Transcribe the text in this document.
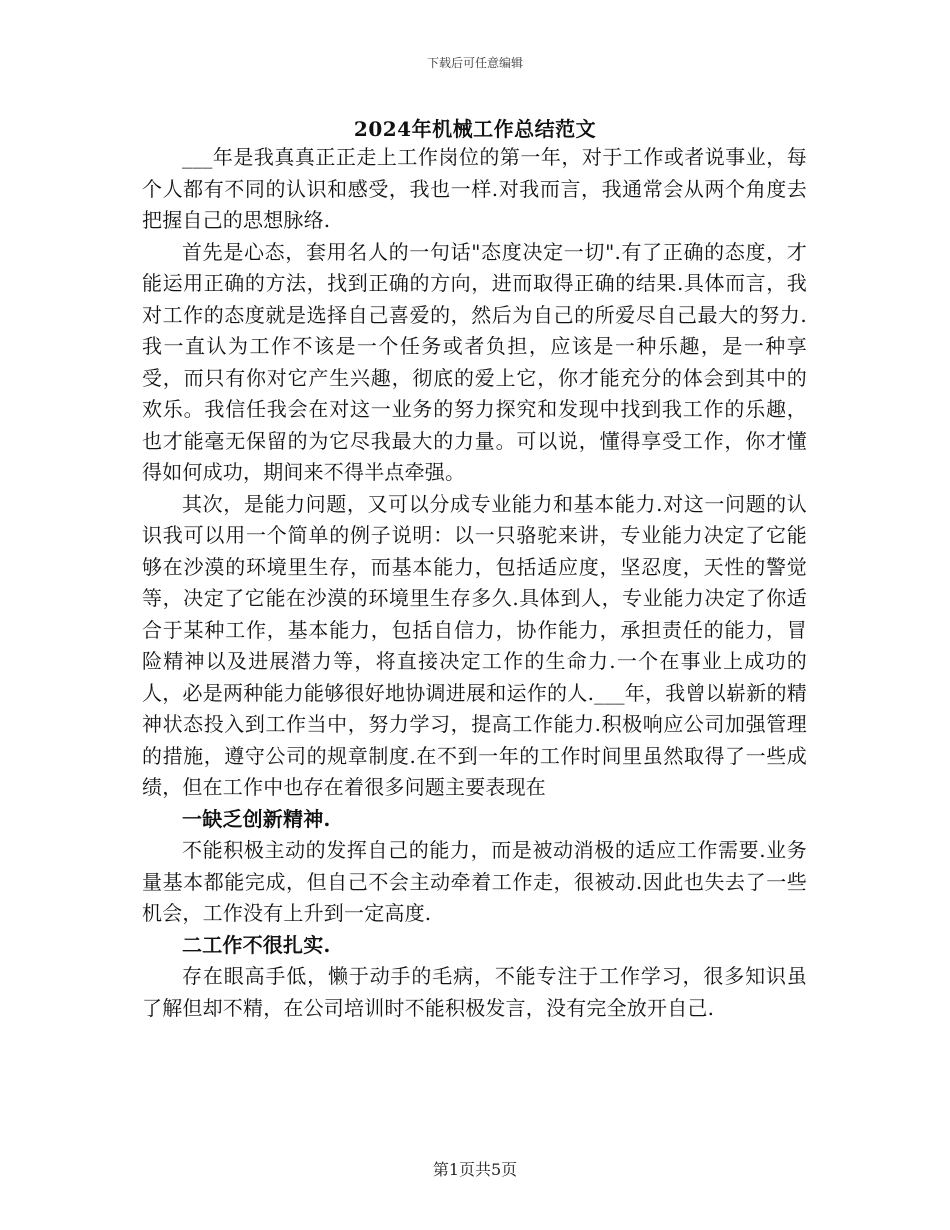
下载后可任意编辑
2024年机械工作总结范文

___年是我真真正正走上工作岗位的第一年，对于工作或者说事业，每个人都有不同的认识和感受，我也一样.对我而言，我通常会从两个角度去把握自己的思想脉络.

首先是心态，套用名人的一句话"态度决定一切".有了正确的态度，才能运用正确的方法，找到正确的方向，进而取得正确的结果.具体而言，我对工作的态度就是选择自己喜爱的，然后为自己的所爱尽自己最大的努力.我一直认为工作不该是一个任务或者负担，应该是一种乐趣，是一种享受，而只有你对它产生兴趣，彻底的爱上它，你才能充分的体会到其中的欢乐。我信任我会在对这一业务的努力探究和发现中找到我工作的乐趣，也才能毫无保留的为它尽我最大的力量。可以说，懂得享受工作，你才懂得如何成功，期间来不得半点牵强。

其次，是能力问题，又可以分成专业能力和基本能力.对这一问题的认识我可以用一个简单的例子说明：以一只骆驼来讲，专业能力决定了它能够在沙漠的环境里生存，而基本能力，包括适应度，坚忍度，天性的警觉等，决定了它能在沙漠的环境里生存多久.具体到人，专业能力决定了你适合于某种工作，基本能力，包括自信力，协作能力，承担责任的能力，冒险精神以及进展潜力等，将直接决定工作的生命力.一个在事业上成功的人，必是两种能力能够很好地协调进展和运作的人.___年，我曾以崭新的精神状态投入到工作当中，努力学习，提高工作能力.积极响应公司加强管理的措施，遵守公司的规章制度.在不到一年的工作时间里虽然取得了一些成绩，但在工作中也存在着很多问题主要表现在

一缺乏创新精神.

不能积极主动的发挥自己的能力，而是被动消极的适应工作需要.业务量基本都能完成，但自己不会主动牵着工作走，很被动.因此也失去了一些机会，工作没有上升到一定高度.

二工作不很扎实.

存在眼高手低，懒于动手的毛病，不能专注于工作学习，很多知识虽了解但却不精，在公司培训时不能积极发言，没有完全放开自己.

第1页共5页
